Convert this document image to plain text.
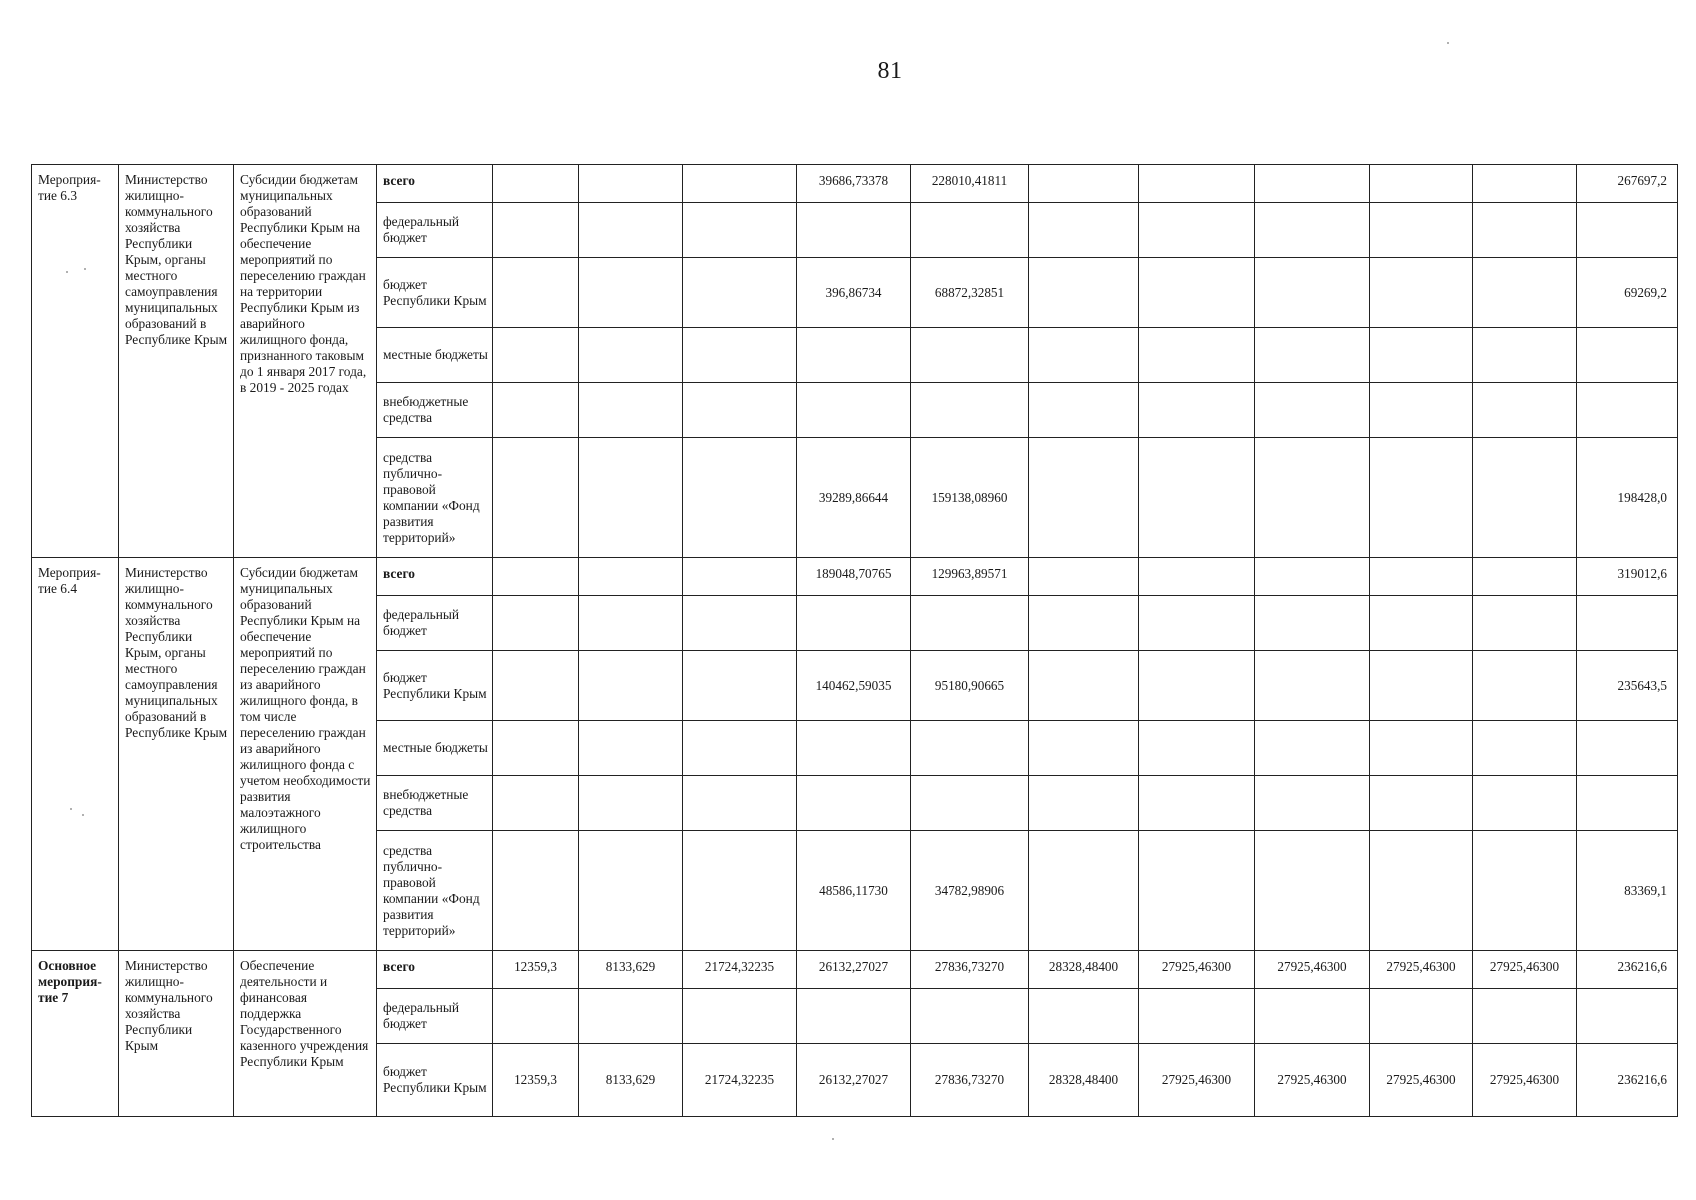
81
Мероприя-тие 6.3	Министерство жилищно-коммунального хозяйства Республики Крым, органы местного самоуправления муниципальных образований в Республике Крым	Субсидии бюджетам муниципальных образований Республики Крым на обеспечение мероприятий по переселению граждан на территории Республики Крым из аварийного жилищного фонда, признанного таковым до 1 января 2017 года, в 2019 - 2025 годах	всего				39686,73378	228010,41811						267697,2
			федеральный бюджет											
			бюджет Республики Крым				396,86734	68872,32851						69269,2
			местные бюджеты											
			внебюджетные средства											
			средства публично-правовой компании «Фонд развития территорий»				39289,86644	159138,08960						198428,0
Мероприя-тие 6.4	Министерство жилищно-коммунального хозяйства Республики Крым, органы местного самоуправления муниципальных образований в Республике Крым	Субсидии бюджетам муниципальных образований Республики Крым на обеспечение мероприятий по переселению граждан из аварийного жилищного фонда, в том числе переселению граждан из аварийного жилищного фонда с учетом необходимости развития малоэтажного жилищного строительства	всего				189048,70765	129963,89571						319012,6
			федеральный бюджет											
			бюджет Республики Крым				140462,59035	95180,90665						235643,5
			местные бюджеты											
			внебюджетные средства											
			средства публично-правовой компании «Фонд развития территорий»				48586,11730	34782,98906						83369,1
Основное мероприя-тие 7	Министерство жилищно-коммунального хозяйства Республики Крым	Обеспечение деятельности и финансовая поддержка Государственного казенного учреждения Республики Крым	всего	12359,3	8133,629	21724,32235	26132,27027	27836,73270	28328,48400	27925,46300	27925,46300	27925,46300	27925,46300	236216,6
			федеральный бюджет											
			бюджет Республики Крым	12359,3	8133,629	21724,32235	26132,27027	27836,73270	28328,48400	27925,46300	27925,46300	27925,46300	27925,46300	236216,6
